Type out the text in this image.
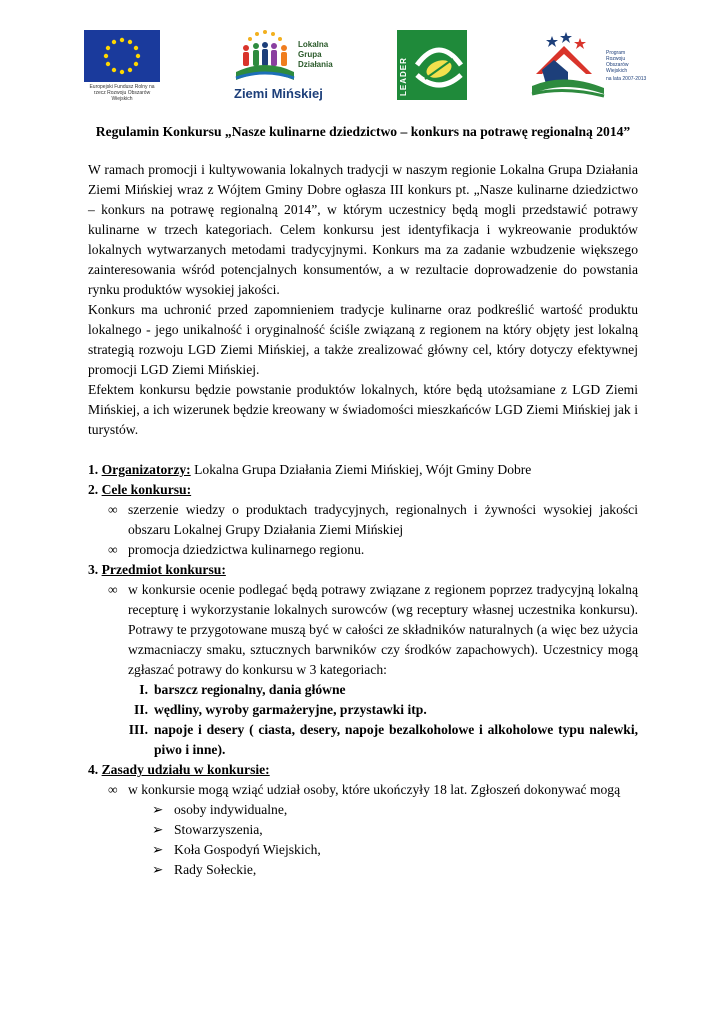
Europejski Fundusz Rolny na rzecz Rozwoju Obszarów Wiejskich
Lokalna
Grupa
Działania
Ziemi Mińskiej	LEADER
Program
Rozwoju
Obszarów
Wiejskich
na lata 2007-2013

Regulamin Konkursu „Nasze kulinarne dziedzictwo – konkurs na potrawę regionalną 2014”

W ramach promocji i kultywowania lokalnych tradycji w naszym regionie Lokalna Grupa Działania Ziemi Mińskiej wraz z Wójtem Gminy Dobre ogłasza III konkurs pt. „Nasze kulinarne dziedzictwo – konkurs na potrawę regionalną 2014”, w którym uczestnicy będą mogli przedstawić potrawy kulinarne w trzech kategoriach. Celem konkursu jest identyfikacja i wykreowanie produktów lokalnych wytwarzanych metodami tradycyjnymi. Konkurs ma za zadanie wzbudzenie większego zainteresowania wśród potencjalnych konsumentów, a w rezultacie doprowadzenie do powstania rynku produktów wysokiej jakości.

Konkurs ma uchronić przed zapomnieniem tradycje kulinarne oraz podkreślić wartość produktu lokalnego - jego unikalność i oryginalność ściśle związaną z regionem na który objęty jest lokalną strategią rozwoju LGD Ziemi Mińskiej, a także zrealizować główny cel, który dotyczy efektywnej promocji LGD Ziemi Mińskiej.

Efektem konkursu będzie powstanie produktów lokalnych, które będą utożsamiane z LGD Ziemi Mińskiej, a ich wizerunek będzie kreowany w świadomości mieszkańców LGD Ziemi Mińskiej jak i turystów.

1. Organizatorzy: Lokalna Grupa Działania Ziemi Mińskiej, Wójt Gminy Dobre

2. Cele konkursu:

∞ szerzenie wiedzy o produktach tradycyjnych, regionalnych i żywności wysokiej jakości obszaru Lokalnej Grupy Działania Ziemi Mińskiej

∞ promocja dziedzictwa kulinarnego regionu.

3. Przedmiot konkursu:

∞ w konkursie ocenie podlegać będą potrawy związane z regionem poprzez tradycyjną lokalną recepturę i wykorzystanie lokalnych surowców (wg receptury własnej uczestnika konkursu). Potrawy te przygotowane muszą być w całości ze składników naturalnych (a więc bez użycia wzmacniaczy smaku, sztucznych barwników czy środków zapachowych). Uczestnicy mogą zgłaszać potrawy do konkursu w 3 kategoriach:

I. barszcz regionalny, dania główne

II. wędliny, wyroby garmażeryjne, przystawki itp.

III. napoje i desery ( ciasta, desery, napoje bezalkoholowe i alkoholowe typu nalewki, piwo i inne).

4. Zasady udziału w konkursie:

∞ w konkursie mogą wziąć udział osoby, które ukończyły 18 lat. Zgłoszeń dokonywać mogą

➢ osoby indywidualne,

➢ Stowarzyszenia,

➢ Koła Gospodyń Wiejskich,

➢ Rady Sołeckie,
